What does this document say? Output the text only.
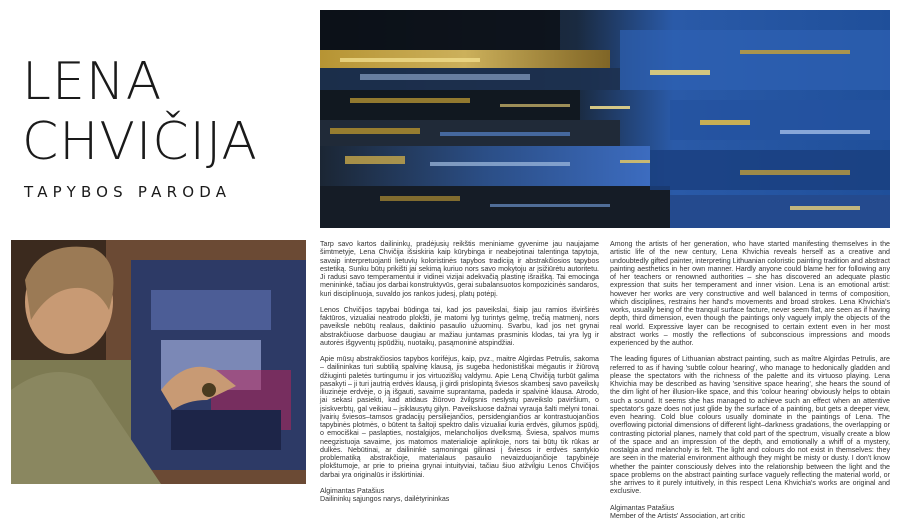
LENA
CHVIČIJA
TAPYBOS PARODA

Tarp savo kartos dailininkų, pradėjusių reikštis meniniame gyvenime jau naujajame šimtmetyje, Lena Chvičija išsiskiria kaip kūrybinga ir neabejotinai talentinga tapytoja, savaip interpretuojanti lietuvių koloristinės tapybos tradiciją ir abstrakčiosios tapybos estetiką. Sunku būtų prikišti jai sekimą kuriuo nors savo mokytoju ar įsižiūrėtu autoritetu. Ji radusi savo temperamentui ir vidinei vizijai adekvačią plastinę išraišką. Tai emocinga menininkė, tačiau jos darbai konstruktyvūs, gerai subalansuotos kompozicinės sandaros, kuri disciplinuoja, suvaldo jos rankos judesį, platų potėpį.

Lenos Chvičijos tapybai būdinga tai, kad jos paveikslai, šiaip jau ramios išvirširės faktūros, vizualiai neatrodo plokšti, jie matomi lyg turintys gelmę, trečią matmenį, nors paveiksle nebūtų realaus, daiktinio pasaulio užuominų. Svarbu, kad jos net grynai abstrakčiuose darbuose daugiau ar mažiau juntamas prasminis klodas, tai yra lyg ir autorės išgyventų įspūdžių, nuotaikų, pasąmoninė atspindžiai.

Apie mūsų abstrakčiosios tapybos korifėjus, kaip, pvz., maitre Algirdas Petrulis, sakoma – dailininkas turi subtilią spalvinę klausą, jis sugeba hedonistiškai mėgautis ir žiūrovą džiuginti paletės turtingumu ir jos virtuoziškų valdymu. Apie Leną Chvičiją turbūt galima pasakyti – ji turi jautrią erdvės klausą, ji girdi prislopintą šviesos skambesį savo paveikslų iliuzinėje erdvėje, o ją išgauti, savaime suprantama, padeda ir spalvinė klausa. Atrodo, jai sekasi pasiekti, kad atidaus žiūrovo žvilgsnis neslystų paveikslo paviršium, o įsiskverbtų, gal veikiau – įsiklausytų gilyn. Paveiksluose dažnai vyrauja šalti mėlyni tonai. Įvairių šviesos–tamsos gradacijų persiliejančios, persidengiančios ar kontrastuojančios tapybinės plotmės, o būtent ta šaltoji spektro dalis vizualiai kuria erdvės, gilumos įspūdį, o emociškai – paslapties, nostalgijos, melancholijos dvelksmą. Šviesa, spalvos mums neegzistuoja savaime, jos matomos materialioje aplinkoje, nors tai būtų tik rūkas ar dulkės. Nebūtinai, ar dailininkė sąmoningai gilinasi į šviesos ir erdvės santykio problematiką abstrakčioje, materialaus pasaulio nevaizduojančioje tapybinėje plokštumoje, ar prie to prieina grynai intuityviai, tačiau šiuo atžvilgiu Lenos Chvičijos darbai yra originalūs ir išskirtiniai.

Algimantas Patašius
Dailininkų sąjungos narys, dailėtyrininkas

Among the artists of her generation, who have started manifesting themselves in the artistic life of the new century, Lena Khvichia reveals herself as a creative and undoubtedly gifted painter, interpreting Lithuanian coloristic painting tradition and abstract painting aesthetics in her own manner. Hardly anyone could blame her for following any of her teachers or renowned authorities – she has discovered an adequate plastic expression that suits her temperament and inner vision. Lena is an emotional artist: however her works are very constructive and well balanced in terms of composition, which disciplines, restrains her hand's movements and broad strokes. Lena Khvichia's works, usually being of the tranquil surface facture, never seem flat, are seen as if having depth, third dimension, even though the paintings only vaguely imply the objects of the real world. Expressive layer can be recognised to certain extent even in her most abstract works – mostly the reflections of subconscious impressions and moods experienced by the author.

The leading figures of Lithuanian abstract painting, such as maître Algirdas Petrulis, are referred to as if having 'subtle colour hearing', who manage to hedonically gladden and please the spectators with the richness of the palette and its virtuoso playing. Lena Khvichia may be described as having 'sensitive space hearing', she hears the sound of the dim light of her illusion-like space, and this 'colour hearing' obviously helps to obtain such a sound. It seems she has managed to achieve such an effect when an attentive spectator's gaze does not just glide by the surface of a painting, but gets a deeper view, even hearing. Cold blue colours usually dominate in the paintings of Lena. The overflowing pictorial dimensions of different light–darkness gradations, the overlapping or contrasting pictorial planes, namely that cold part of the spectrum, visually create a blow of the space and an impression of the depth, and emotionally a whiff of a mystery, nostalgia and melancholy is felt. The light and colours do not exist in themselves: they are seen in the material environment although they might be misty or dusty. I don't know whether the painter consciously delves into the relationship between the light and the space problems on the abstract painting surface vaguely reflecting the material world, or she arrives to it purely intuitively, in this respect Lena Khvichia's works are original and exclusive.

Algimantas Patašius
Member of the Artists' Association, art critic
